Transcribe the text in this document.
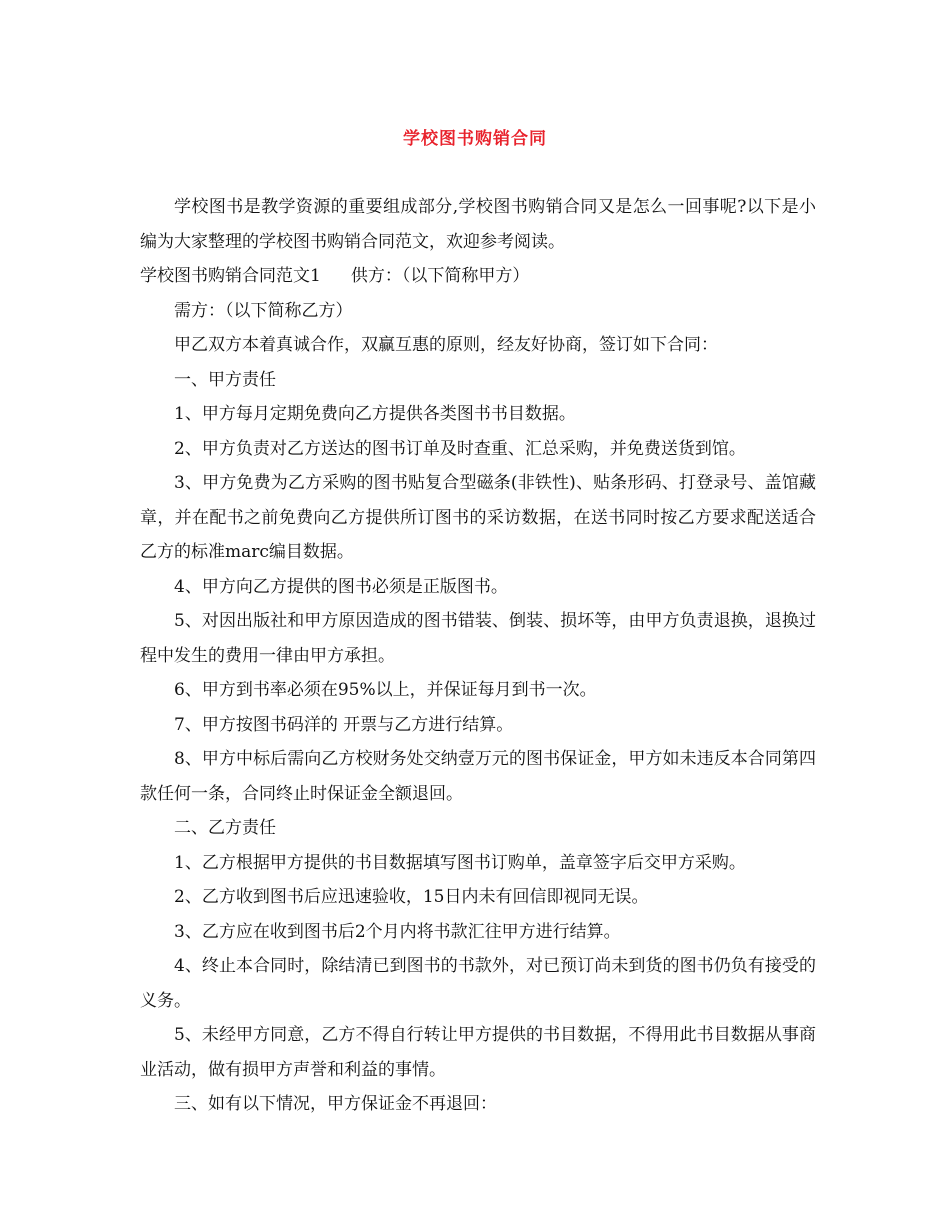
学校图书购销合同

学校图书是教学资源的重要组成部分,学校图书购销合同又是怎么一回事呢?以下是小编为大家整理的学校图书购销合同范文，欢迎参考阅读。

学校图书购销合同范文1 供方：（以下简称甲方）

需方：（以下简称乙方）

甲乙双方本着真诚合作，双赢互惠的原则，经友好协商，签订如下合同：

一、甲方责任

1、甲方每月定期免费向乙方提供各类图书书目数据。

2、甲方负责对乙方送达的图书订单及时查重、汇总采购，并免费送货到馆。

3、甲方免费为乙方采购的图书贴复合型磁条(非铁性)、贴条形码、打登录号、盖馆藏章，并在配书之前免费向乙方提供所订图书的采访数据，在送书同时按乙方要求配送适合乙方的标准marc编目数据。

4、甲方向乙方提供的图书必须是正版图书。

5、对因出版社和甲方原因造成的图书错装、倒装、损坏等，由甲方负责退换，退换过程中发生的费用一律由甲方承担。

6、甲方到书率必须在95%以上，并保证每月到书一次。

7、甲方按图书码洋的 开票与乙方进行结算。

8、甲方中标后需向乙方校财务处交纳壹万元的图书保证金，甲方如未违反本合同第四款任何一条，合同终止时保证金全额退回。

二、乙方责任

1、乙方根据甲方提供的书目数据填写图书订购单，盖章签字后交甲方采购。

2、乙方收到图书后应迅速验收，15日内未有回信即视同无误。

3、乙方应在收到图书后2个月内将书款汇往甲方进行结算。

4、终止本合同时，除结清已到图书的书款外，对已预订尚未到货的图书仍负有接受的义务。

5、未经甲方同意，乙方不得自行转让甲方提供的书目数据，不得用此书目数据从事商业活动，做有损甲方声誉和利益的事情。

三、如有以下情况，甲方保证金不再退回：
